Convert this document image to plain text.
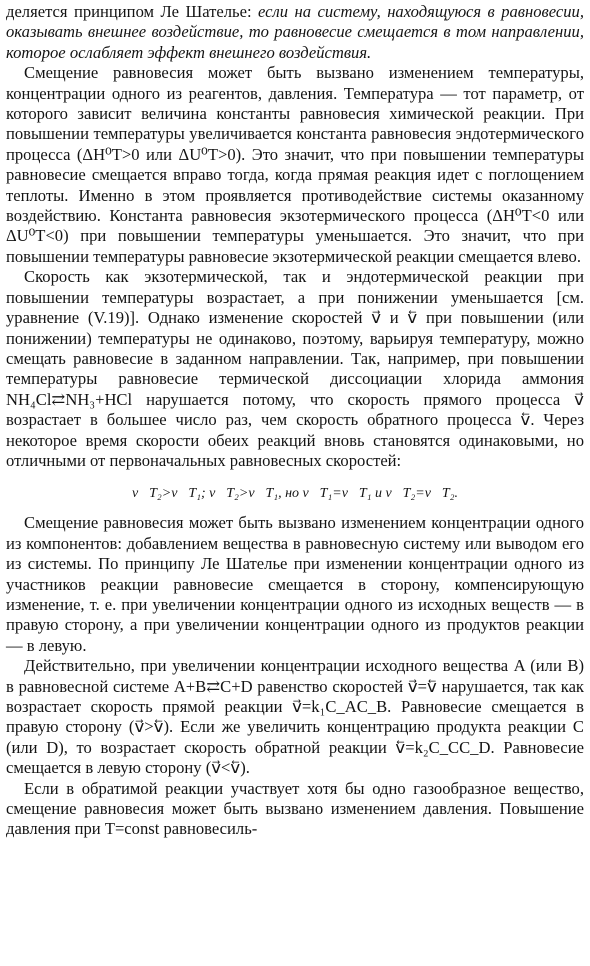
деляется принципом Ле Шателье: если на систему, находящуюся в равновесии, оказывать внешнее воздействие, то равновесие смещается в том направлении, которое ослабляет эффект внешнего воздействия.

Смещение равновесия может быть вызвано изменением температуры, концентрации одного из реагентов, давления. Температура — тот параметр, от которого зависит величина константы равновесия химической реакции. При повышении температуры увеличивается константа равновесия эндотермического процесса (ΔH⁰T>0 или ΔU⁰T>0). Это значит, что при повышении температуры равновесие смещается вправо тогда, когда прямая реакция идет с поглощением теплоты. Именно в этом проявляется противодействие системы оказанному воздействию. Константа равновесия экзотермического процесса (ΔH⁰T<0 или ΔU⁰T<0) при повышении температуры уменьшается. Это значит, что при повышении температуры равновесие экзотермической реакции смещается влево.

Скорость как экзотермической, так и эндотермической реакции при повышении температуры возрастает, а при понижении уменьшается [см. уравнение (V.19)]. Однако изменение скоростей v⃗ и v⃖ при повышении (или понижении) температуры не одинаково, поэтому, варьируя температуру, можно смещать равновесие в заданном направлении. Так, например, при повышении температуры равновесие термической диссоциации хлорида аммония NH₄Cl⇄NH₃+HCl нарушается потому, что скорость прямого процесса v⃗ возрастает в большее число раз, чем скорость обратного процесса v⃖. Через некоторое время скорости обеих реакций вновь становятся одинаковыми, но отличными от первоначальных равновесных скоростей:

v⃗T₂>v⃗T₁; v⃖T₂>v⃖T₁, но v⃗T₁=v⃖T₁ и v⃗T₂=v⃖T₂.

Смещение равновесия может быть вызвано изменением концентрации одного из компонентов: добавлением вещества в равновесную систему или выводом его из системы. По принципу Ле Шателье при изменении концентрации одного из участников реакции равновесие смещается в сторону, компенсирующую изменение, т. е. при увеличении концентрации одного из исходных веществ — в правую сторону, а при увеличении концентрации одного из продуктов реакции — в левую.

Действительно, при увеличении концентрации исходного вещества A (или B) в равновесной системе A+B⇄C+D равенство скоростей v⃗=v⃖ нарушается, так как возрастает скорость прямой реакции v⃗=k₁C_AC_B. Равновесие смещается в правую сторону (v⃗>v⃖). Если же увеличить концентрацию продукта реакции C (или D), то возрастает скорость обратной реакции v⃖=k₂C_CC_D. Равновесие смещается в левую сторону (v⃗<v⃖).

Если в обратимой реакции участвует хотя бы одно газообразное вещество, смещение равновесия может быть вызвано изменением давления. Повышение давления при T=const равновесиль-
